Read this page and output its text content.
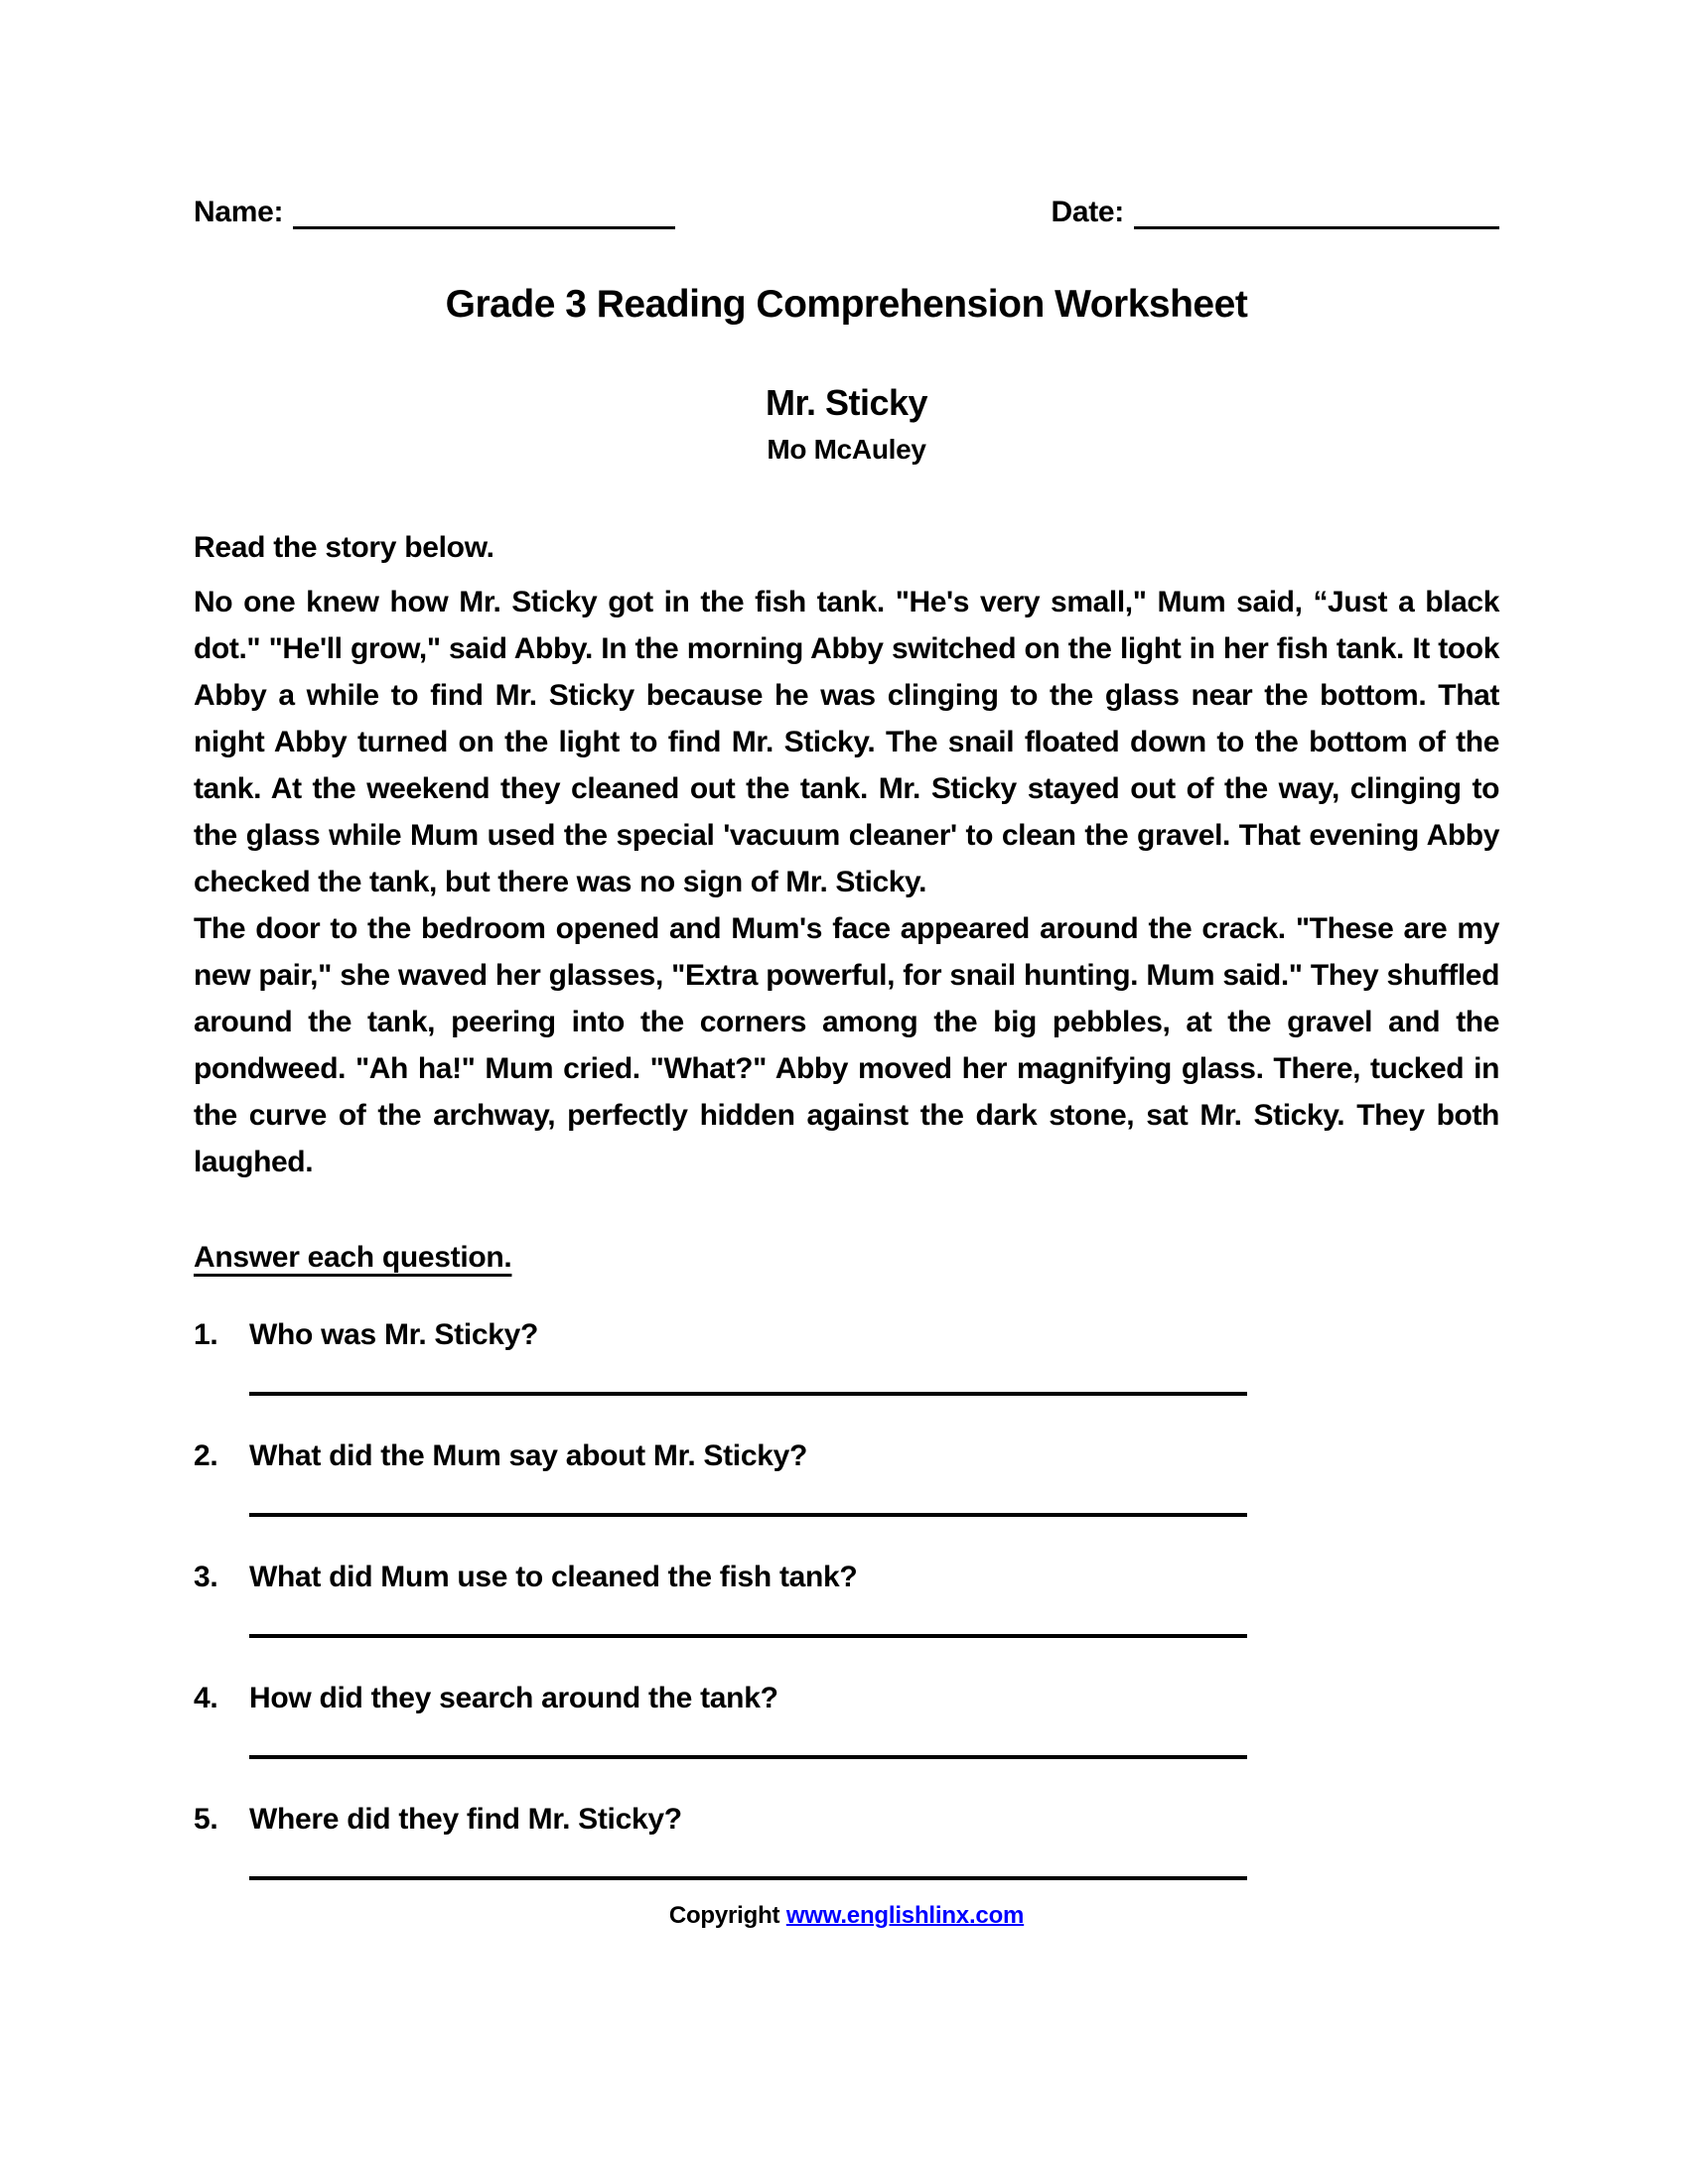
Name:	Date:
Grade 3 Reading Comprehension Worksheet
Mr. Sticky
Mo McAuley
Read the story below.

No one knew how Mr. Sticky got in the fish tank. "He's very small," Mum said, “Just a black dot." "He'll grow," said Abby. In the morning Abby switched on the light in her fish tank. It took Abby a while to find Mr. Sticky because he was clinging to the glass near the bottom. That night Abby turned on the light to find Mr. Sticky. The snail floated down to the bottom of the tank. At the weekend they cleaned out the tank. Mr. Sticky stayed out of the way, clinging to the glass while Mum used the special 'vacuum cleaner' to clean the gravel. That evening Abby checked the tank, but there was no sign of Mr. Sticky.

The door to the bedroom opened and Mum's face appeared around the crack. "These are my new pair," she waved her glasses, "Extra powerful, for snail hunting. Mum said." They shuffled around the tank, peering into the corners among the big pebbles, at the gravel and the pondweed. "Ah ha!" Mum cried. "What?" Abby moved her magnifying glass. There, tucked in the curve of the archway, perfectly hidden against the dark stone, sat Mr. Sticky. They both laughed.

Answer each question.
1.	Who was Mr. Sticky?
2.	What did the Mum say about Mr. Sticky?
3.	What did Mum use to cleaned the fish tank?
4.	How did they search around the tank?
5.	Where did they find Mr. Sticky?
Copyright www.englishlinx.com
